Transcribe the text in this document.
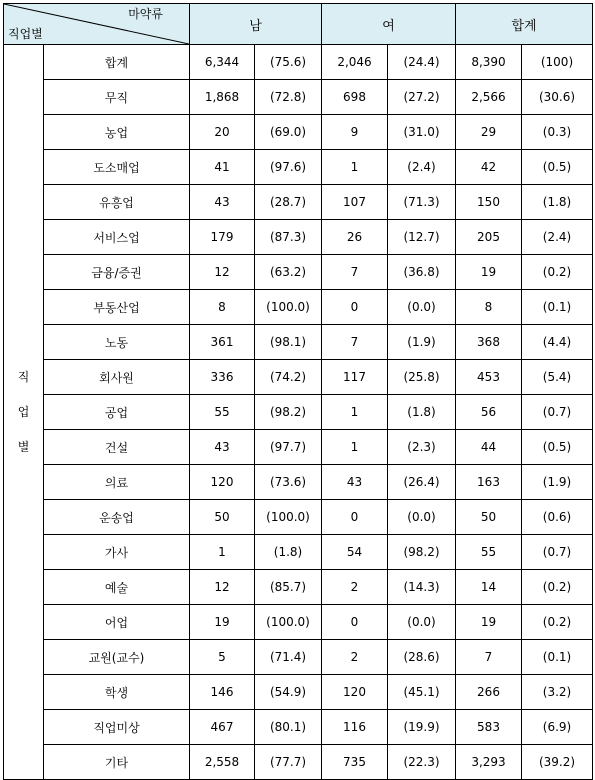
마약류
직업별		남		여		합계	

직
업
별	합계	6,344	(75.6)	2,046	(24.4)	8,390	(100)
	무직	1,868	(72.8)	698	(27.2)	2,566	(30.6)
	농업	20	(69.0)	9	(31.0)	29	(0.3)
	도소매업	41	(97.6)	1	(2.4)	42	(0.5)
	유흥업	43	(28.7)	107	(71.3)	150	(1.8)
	서비스업	179	(87.3)	26	(12.7)	205	(2.4)
	금융/증권	12	(63.2)	7	(36.8)	19	(0.2)
	부동산업	8	(100.0)	0	(0.0)	8	(0.1)
	노동	361	(98.1)	7	(1.9)	368	(4.4)
	회사원	336	(74.2)	117	(25.8)	453	(5.4)
	공업	55	(98.2)	1	(1.8)	56	(0.7)
	건설	43	(97.7)	1	(2.3)	44	(0.5)
	의료	120	(73.6)	43	(26.4)	163	(1.9)
	운송업	50	(100.0)	0	(0.0)	50	(0.6)
	가사	1	(1.8)	54	(98.2)	55	(0.7)
	예술	12	(85.7)	2	(14.3)	14	(0.2)
	어업	19	(100.0)	0	(0.0)	19	(0.2)
	교원(교수)	5	(71.4)	2	(28.6)	7	(0.1)
	학생	146	(54.9)	120	(45.1)	266	(3.2)
	직업미상	467	(80.1)	116	(19.9)	583	(6.9)
	기타	2,558	(77.7)	735	(22.3)	3,293	(39.2)
